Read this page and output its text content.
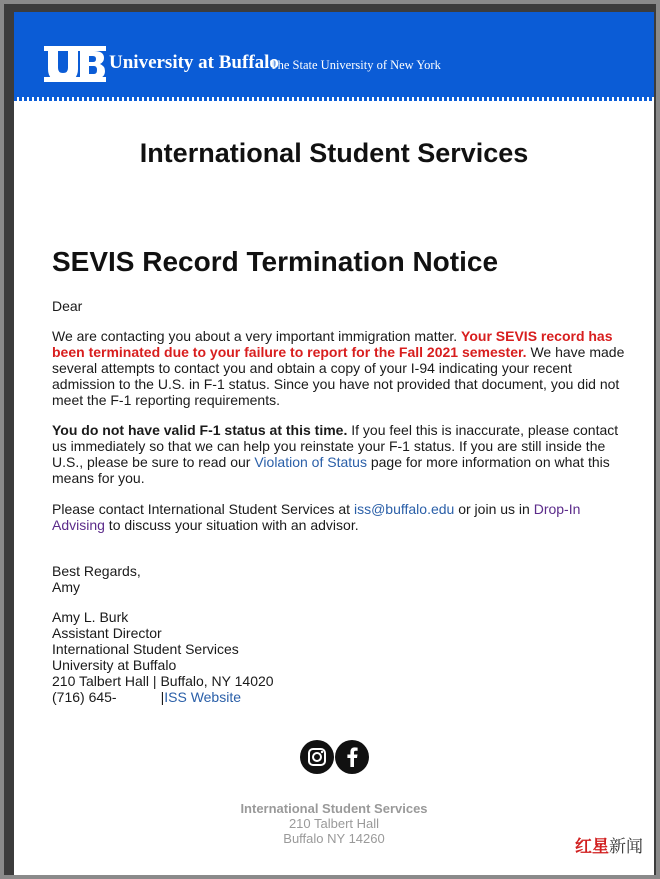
University at Buffalo
The State University of New York
International Student Services
SEVIS Record Termination Notice
Dear
We are contacting you about a very important immigration matter. Your SEVIS record has been terminated due to your failure to report for the Fall 2021 semester. We have made several attempts to contact you and obtain a copy of your I-94 indicating your recent admission to the U.S. in F-1 status. Since you have not provided that document, you did not meet the F-1 reporting requirements.
You do not have valid F-1 status at this time. If you feel this is inaccurate, please contact us immediately so that we can help you reinstate your F-1 status. If you are still inside the U.S., please be sure to read our Violation of Status page for more information on what this means for you.
Please contact International Student Services at iss@buffalo.edu or join us in Drop-In Advising to discuss your situation with an advisor.
Best Regards,
Amy
Amy L. Burk
Assistant Director
International Student Services
University at Buffalo
210 Talbert Hall | Buffalo, NY 14020
(716) 645-	|ISS Website
International Student Services
210 Talbert Hall
Buffalo NY 14260	红星新闻
